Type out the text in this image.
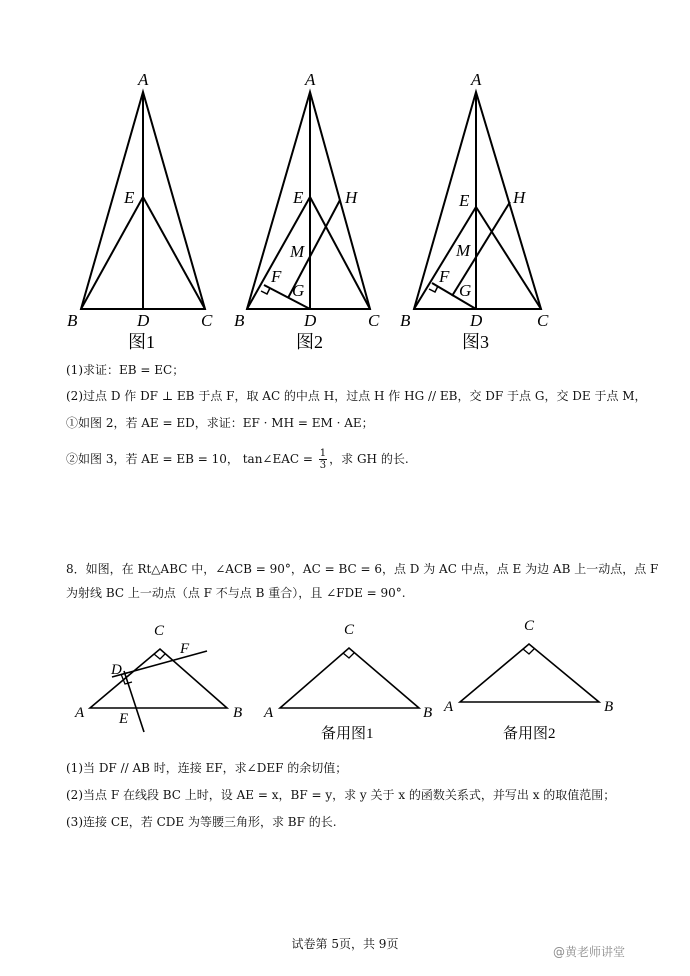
A
E
B	D	C
图1
A
E H
M
F
G
B	D	C
图2
A
E	H
M
F
G
B	D	C
图3
(1)求证：EB = EC；
(2)过点 D 作 DF ⊥ EB 于点 F，取 AC 的中点 H，过点 H 作 HG // EB，交 DF 于点 G，交 DE 于点 M，
①如图 2，若 AE = ED，求证：EF · MH = EM · AE；
②如图 3，若 AE = EB = 10， tan∠EAC = $\frac{1}{3}$ ，求 GH 的长.
8．如图，在 Rt△ABC 中，∠ACB = 90°，AC = BC = 6，点 D 为 AC 中点，点 E 为边 AB 上一动点，点 F 为射线 BC 上一动点（点 F 不与点 B 重合），且 ∠FDE = 90°.
C
F
D
A E	B
C
A	B
备用图1
C
A	B
备用图2
(1)当 DF // AB 时，连接 EF，求∠DEF 的余切值；
(2)当点 F 在线段 BC 上时，设 AE = x，BF = y，求 y 关于 x 的函数关系式，并写出 x 的取值范围；
(3)连接 CE，若 CDE 为等腰三角形，求 BF 的长.
试卷第 5页，共 9页
@黄老师讲堂
